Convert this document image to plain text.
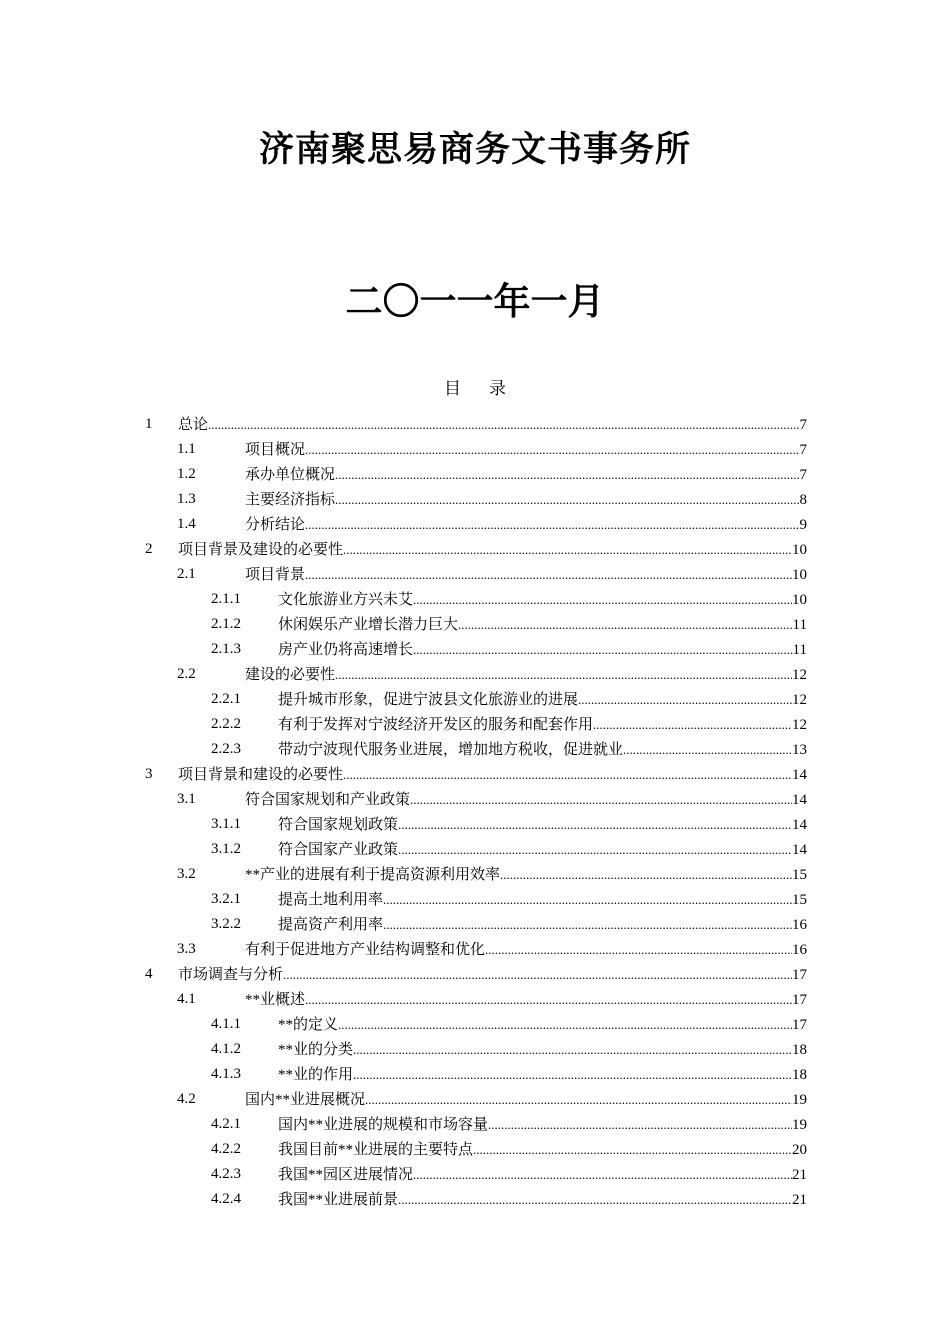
济南聚思易商务文书事务所
二〇一一年一月
目录
1 总论 .....	7
1.1	项目概况 .....	7
1.2	承办单位概况 .....	7
1.3	主要经济指标 .....	8
1.4	分析结论 .....	9
2 项目背景及建设的必要性 .....	10
2.1	项目背景 .....	10
2.1.1 文化旅游业方兴未艾 .....	10
2.1.2 休闲娱乐产业增长潜力巨大 .....	11
2.1.3 房产业仍将高速增长 .....	11
2.2	建设的必要性 .....	12
2.2.1 提升城市形象，促进宁波县文化旅游业的进展 .....	12
2.2.2 有利于发挥对宁波经济开发区的服务和配套作用 .....	12
2.2.3 带动宁波现代服务业进展，增加地方税收，促进就业 .....	13
3 项目背景和建设的必要性 .....	14
3.1	符合国家规划和产业政策 .....	14
3.1.1 符合国家规划政策 .....	14
3.1.2 符合国家产业政策 .....	14
3.2	**产业的进展有利于提高资源利用效率 .....	15
3.2.1 提高土地利用率 .....	15
3.2.2 提高资产利用率 .....	16
3.3	有利于促进地方产业结构调整和优化 .....	16
4 市场调查与分析 .....	17
4.1	**业概述 .....	17
4.1.1 **的定义 .....	17
4.1.2 **业的分类 .....	18
4.1.3 **业的作用 .....	18
4.2	国内**业进展概况 .....	19
4.2.1 国内**业进展的规模和市场容量 .....	19
4.2.2 我国目前**业进展的主要特点 .....	20
4.2.3 我国**园区进展情况 .....	21
4.2.4 我国**业进展前景 .....	21
